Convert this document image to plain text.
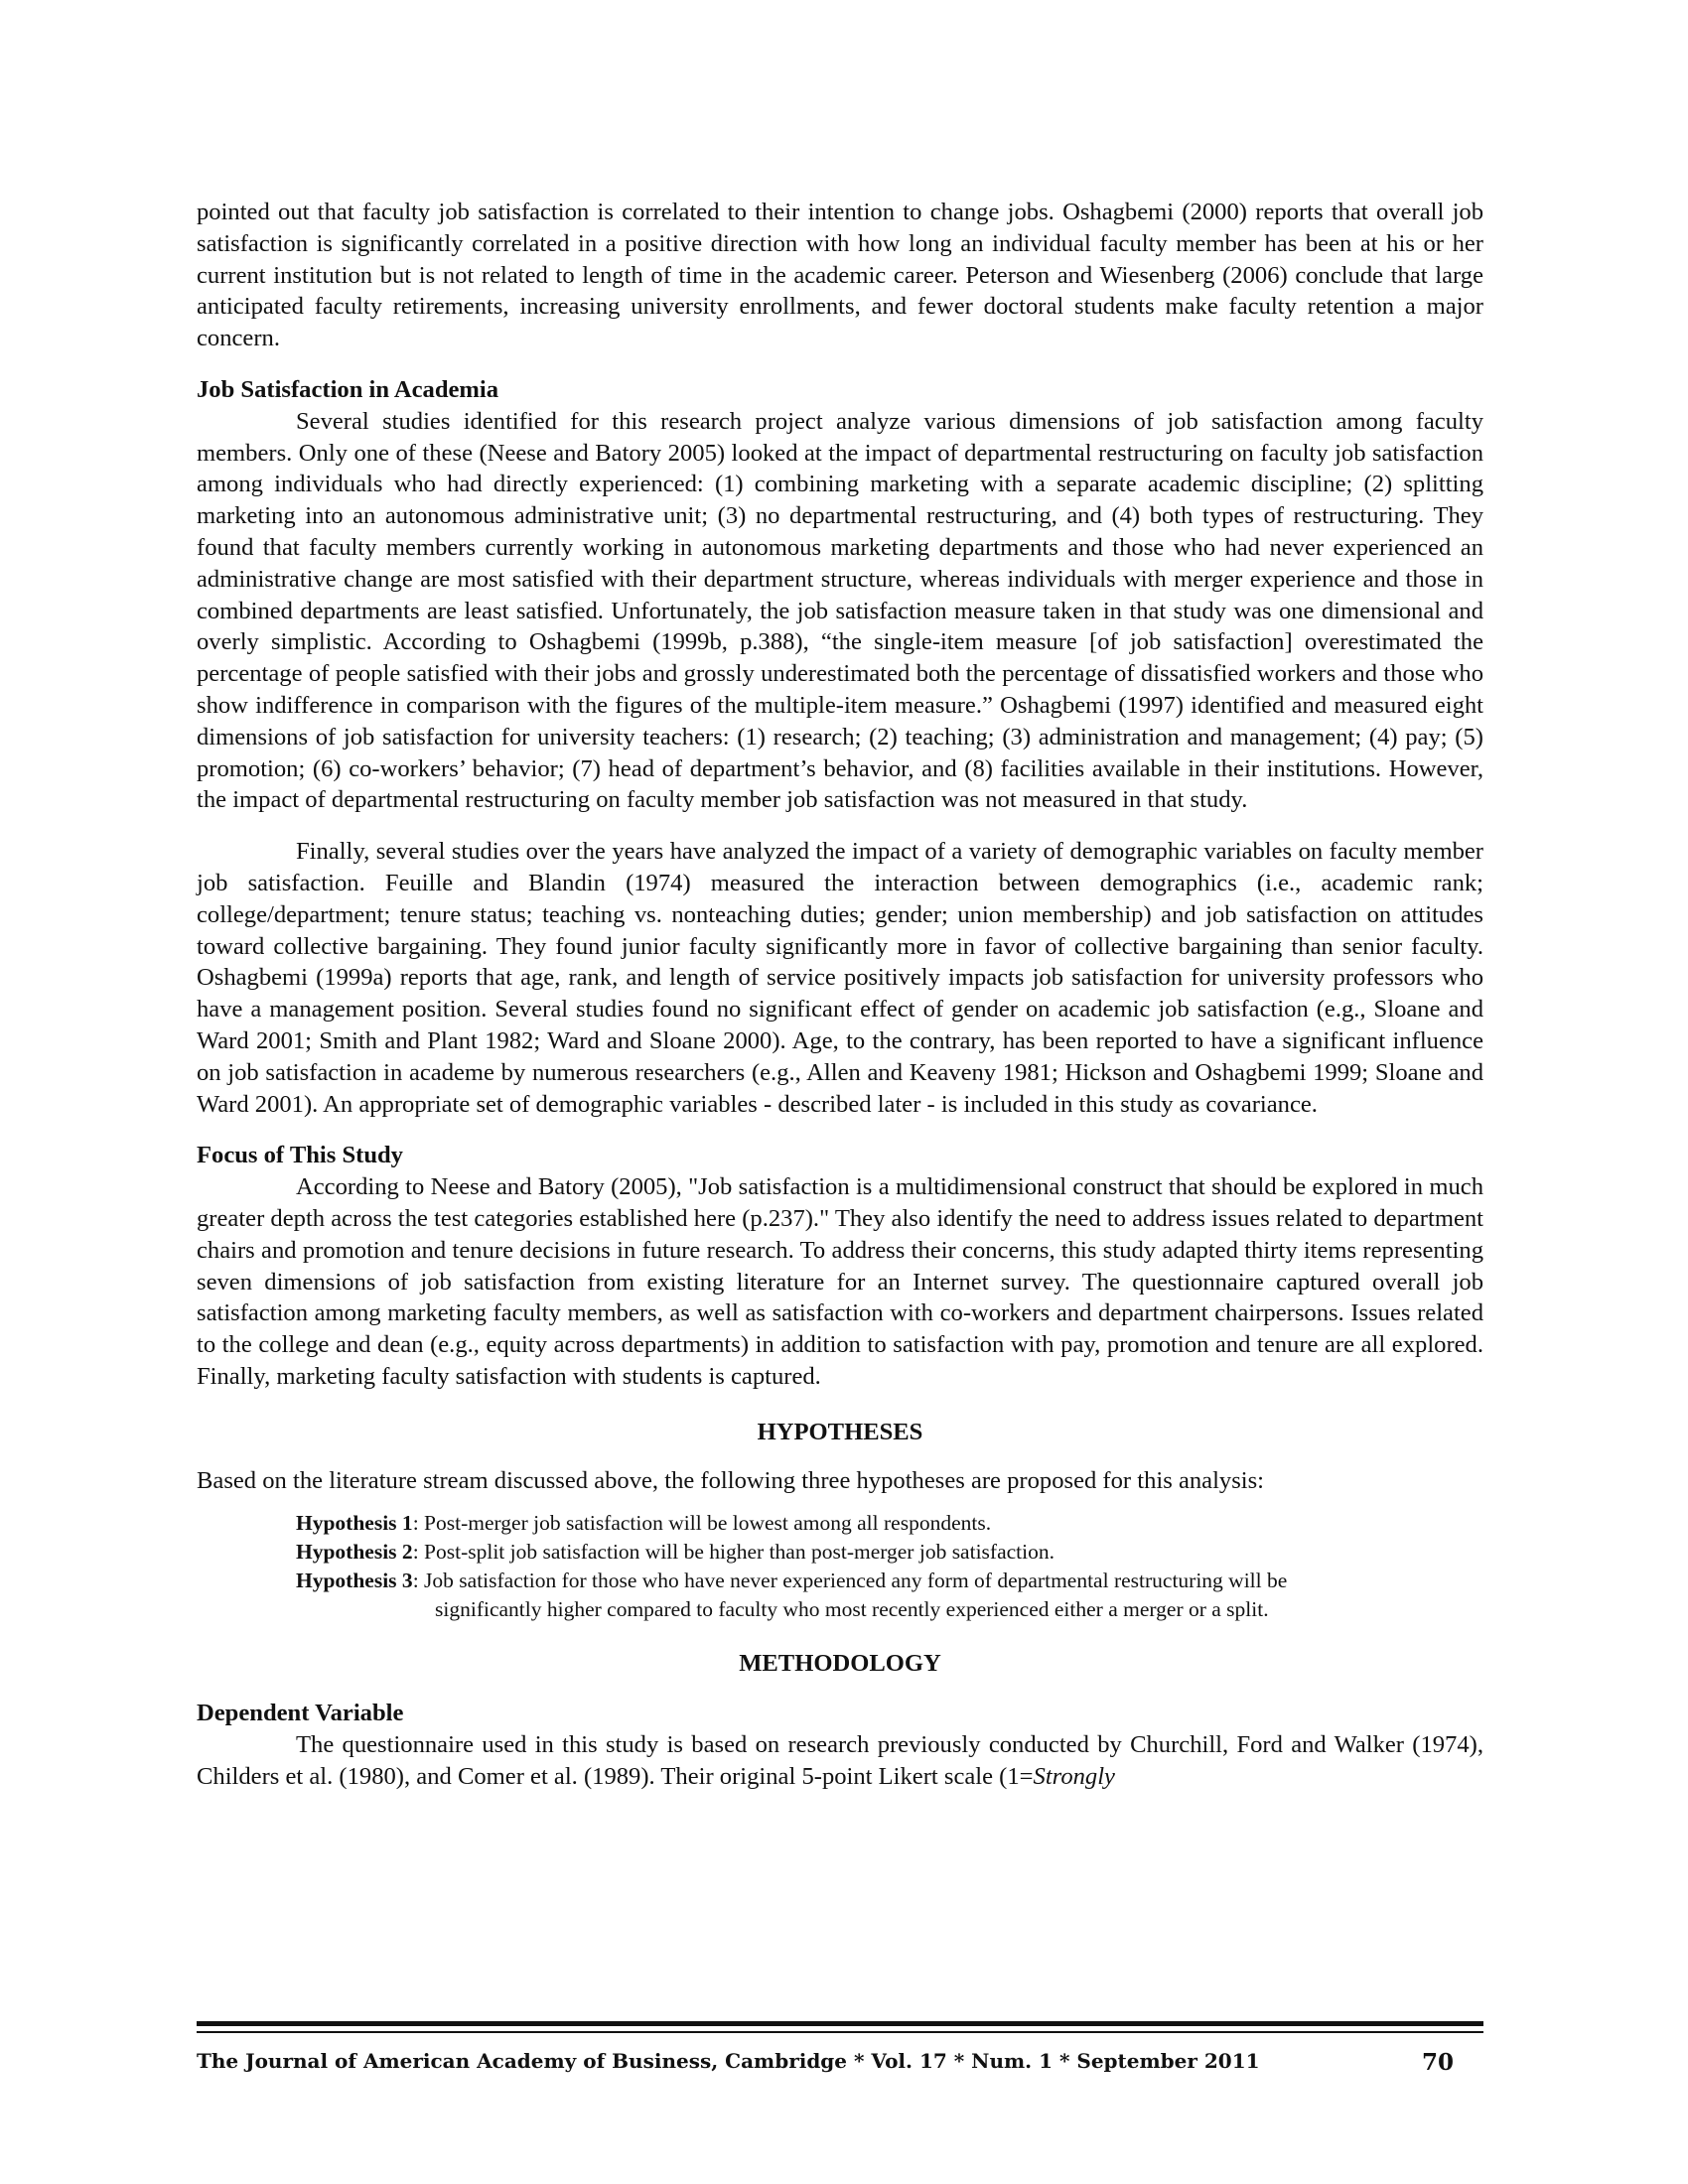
pointed out that faculty job satisfaction is correlated to their intention to change jobs. Oshagbemi (2000) reports that overall job satisfaction is significantly correlated in a positive direction with how long an individual faculty member has been at his or her current institution but is not related to length of time in the academic career. Peterson and Wiesenberg (2006) conclude that large anticipated faculty retirements, increasing university enrollments, and fewer doctoral students make faculty retention a major concern.

Job Satisfaction in Academia

Several studies identified for this research project analyze various dimensions of job satisfaction among faculty members. Only one of these (Neese and Batory 2005) looked at the impact of departmental restructuring on faculty job satisfaction among individuals who had directly experienced: (1) combining marketing with a separate academic discipline; (2) splitting marketing into an autonomous administrative unit; (3) no departmental restructuring, and (4) both types of restructuring. They found that faculty members currently working in autonomous marketing departments and those who had never experienced an administrative change are most satisfied with their department structure, whereas individuals with merger experience and those in combined departments are least satisfied. Unfortunately, the job satisfaction measure taken in that study was one dimensional and overly simplistic. According to Oshagbemi (1999b, p.388), “the single-item measure [of job satisfaction] overestimated the percentage of people satisfied with their jobs and grossly underestimated both the percentage of dissatisfied workers and those who show indifference in comparison with the figures of the multiple-item measure.” Oshagbemi (1997) identified and measured eight dimensions of job satisfaction for university teachers: (1) research; (2) teaching; (3) administration and management; (4) pay; (5) promotion; (6) co-workers’ behavior; (7) head of department’s behavior, and (8) facilities available in their institutions. However, the impact of departmental restructuring on faculty member job satisfaction was not measured in that study.

Finally, several studies over the years have analyzed the impact of a variety of demographic variables on faculty member job satisfaction. Feuille and Blandin (1974) measured the interaction between demographics (i.e., academic rank; college/department; tenure status; teaching vs. nonteaching duties; gender; union membership) and job satisfaction on attitudes toward collective bargaining. They found junior faculty significantly more in favor of collective bargaining than senior faculty. Oshagbemi (1999a) reports that age, rank, and length of service positively impacts job satisfaction for university professors who have a management position. Several studies found no significant effect of gender on academic job satisfaction (e.g., Sloane and Ward 2001; Smith and Plant 1982; Ward and Sloane 2000). Age, to the contrary, has been reported to have a significant influence on job satisfaction in academe by numerous researchers (e.g., Allen and Keaveny 1981; Hickson and Oshagbemi 1999; Sloane and Ward 2001). An appropriate set of demographic variables - described later - is included in this study as covariance.

Focus of This Study

According to Neese and Batory (2005), "Job satisfaction is a multidimensional construct that should be explored in much greater depth across the test categories established here (p.237)." They also identify the need to address issues related to department chairs and promotion and tenure decisions in future research. To address their concerns, this study adapted thirty items representing seven dimensions of job satisfaction from existing literature for an Internet survey. The questionnaire captured overall job satisfaction among marketing faculty members, as well as satisfaction with co-workers and department chairpersons. Issues related to the college and dean (e.g., equity across departments) in addition to satisfaction with pay, promotion and tenure are all explored. Finally, marketing faculty satisfaction with students is captured.

HYPOTHESES

Based on the literature stream discussed above, the following three hypotheses are proposed for this analysis:

Hypothesis 1: Post-merger job satisfaction will be lowest among all respondents.
Hypothesis 2: Post-split job satisfaction will be higher than post-merger job satisfaction.
Hypothesis 3: Job satisfaction for those who have never experienced any form of departmental restructuring will be
significantly higher compared to faculty who most recently experienced either a merger or a split.
METHODOLOGY
Dependent Variable

The questionnaire used in this study is based on research previously conducted by Churchill, Ford and Walker (1974), Childers et al. (1980), and Comer et al. (1989). Their original 5-point Likert scale (1=Strongly

The Journal of American Academy of Business, Cambridge * Vol. 17 * Num. 1 * September 2011	70
